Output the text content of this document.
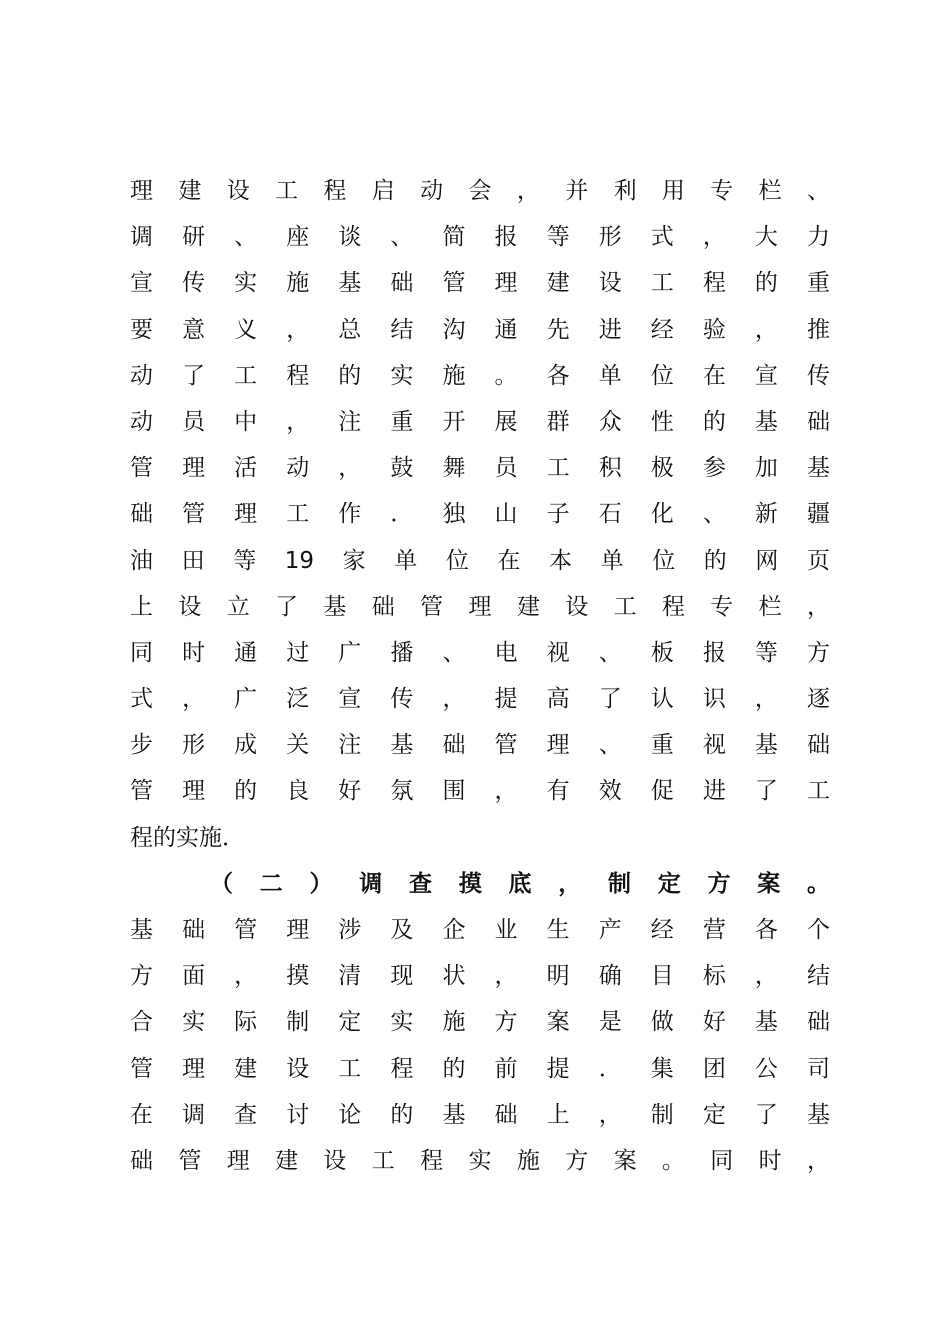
理建设工程启动会，并利用专栏、
调研、座谈、简报等形式，大力
宣传实施基础管理建设工程的重
要意义，总结沟通先进经验，推
动了工程的实施。各单位在宣传
动员中，注重开展群众性的基础
管理活动，鼓舞员工积极参加基
础管理工作．独山子石化、新疆
油田等19家单位在本单位的网页
上设立了基础管理建设工程专栏，
同时通过广播、电视、板报等方
式，广泛宣传，提高了认识，逐
步形成关注基础管理、重视基础
管理的良好氛围，有效促进了工
程的实施．
（二）调查摸底，制定方案。
基础管理涉及企业生产经营各个
方面，摸清现状，明确目标，结
合实际制定实施方案是做好基础
管理建设工程的前提．集团公司
在调查讨论的基础上，制定了基
础管理建设工程实施方案。同时，
